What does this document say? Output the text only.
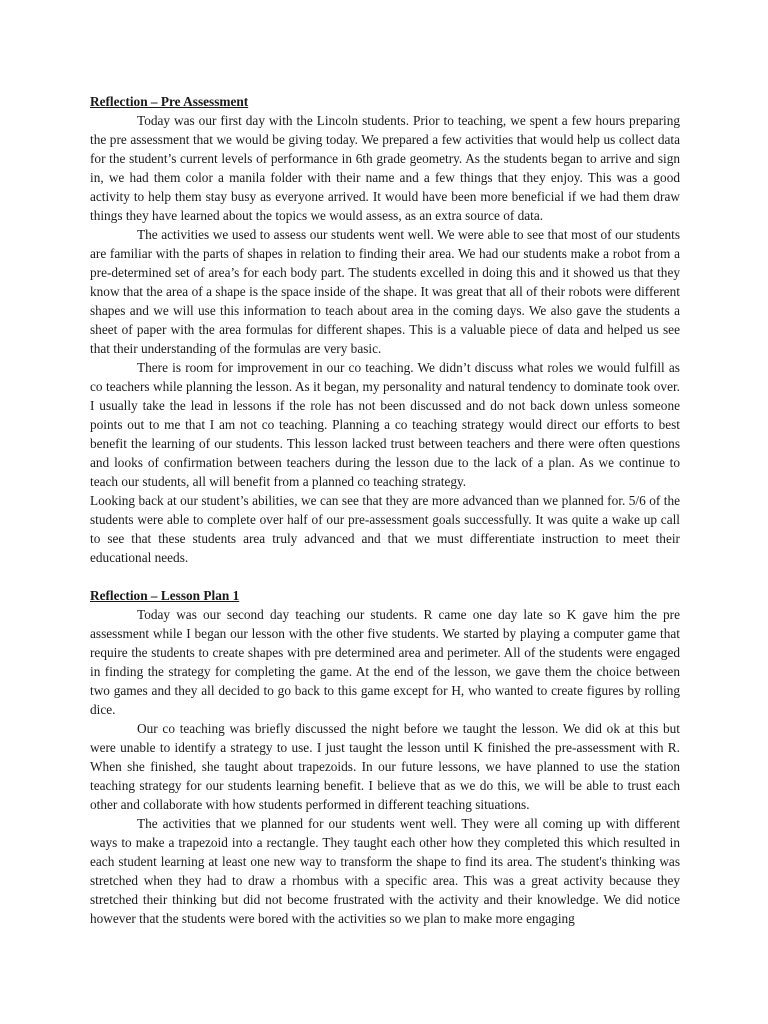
Reflection – Pre Assessment

Today was our first day with the Lincoln students. Prior to teaching, we spent a few hours preparing the pre assessment that we would be giving today. We prepared a few activities that would help us collect data for the student’s current levels of performance in 6th grade geometry. As the students began to arrive and sign in, we had them color a manila folder with their name and a few things that they enjoy. This was a good activity to help them stay busy as everyone arrived. It would have been more beneficial if we had them draw things they have learned about the topics we would assess, as an extra source of data.

The activities we used to assess our students went well. We were able to see that most of our students are familiar with the parts of shapes in relation to finding their area. We had our students make a robot from a pre-determined set of area’s for each body part. The students excelled in doing this and it showed us that they know that the area of a shape is the space inside of the shape. It was great that all of their robots were different shapes and we will use this information to teach about area in the coming days. We also gave the students a sheet of paper with the area formulas for different shapes. This is a valuable piece of data and helped us see that their understanding of the formulas are very basic.

There is room for improvement in our co teaching. We didn’t discuss what roles we would fulfill as co teachers while planning the lesson. As it began, my personality and natural tendency to dominate took over. I usually take the lead in lessons if the role has not been discussed and do not back down unless someone points out to me that I am not co teaching. Planning a co teaching strategy would direct our efforts to best benefit the learning of our students. This lesson lacked trust between teachers and there were often questions and looks of confirmation between teachers during the lesson due to the lack of a plan. As we continue to teach our students, all will benefit from a planned co teaching strategy.

Looking back at our student’s abilities, we can see that they are more advanced than we planned for. 5/6 of the students were able to complete over half of our pre-assessment goals successfully. It was quite a wake up call to see that these students area truly advanced and that we must differentiate instruction to meet their educational needs.

Reflection – Lesson Plan 1

Today was our second day teaching our students. R came one day late so K gave him the pre assessment while I began our lesson with the other five students. We started by playing a computer game that require the students to create shapes with pre determined area and perimeter. All of the students were engaged in finding the strategy for completing the game. At the end of the lesson, we gave them the choice between two games and they all decided to go back to this game except for H, who wanted to create figures by rolling dice.

Our co teaching was briefly discussed the night before we taught the lesson. We did ok at this but were unable to identify a strategy to use. I just taught the lesson until K finished the pre-assessment with R. When she finished, she taught about trapezoids. In our future lessons, we have planned to use the station teaching strategy for our students learning benefit. I believe that as we do this, we will be able to trust each other and collaborate with how students performed in different teaching situations.

The activities that we planned for our students went well. They were all coming up with different ways to make a trapezoid into a rectangle. They taught each other how they completed this which resulted in each student learning at least one new way to transform the shape to find its area. The student's thinking was stretched when they had to draw a rhombus with a specific area. This was a great activity because they stretched their thinking but did not become frustrated with the activity and their knowledge. We did notice however that the students were bored with the activities so we plan to make more engaging
